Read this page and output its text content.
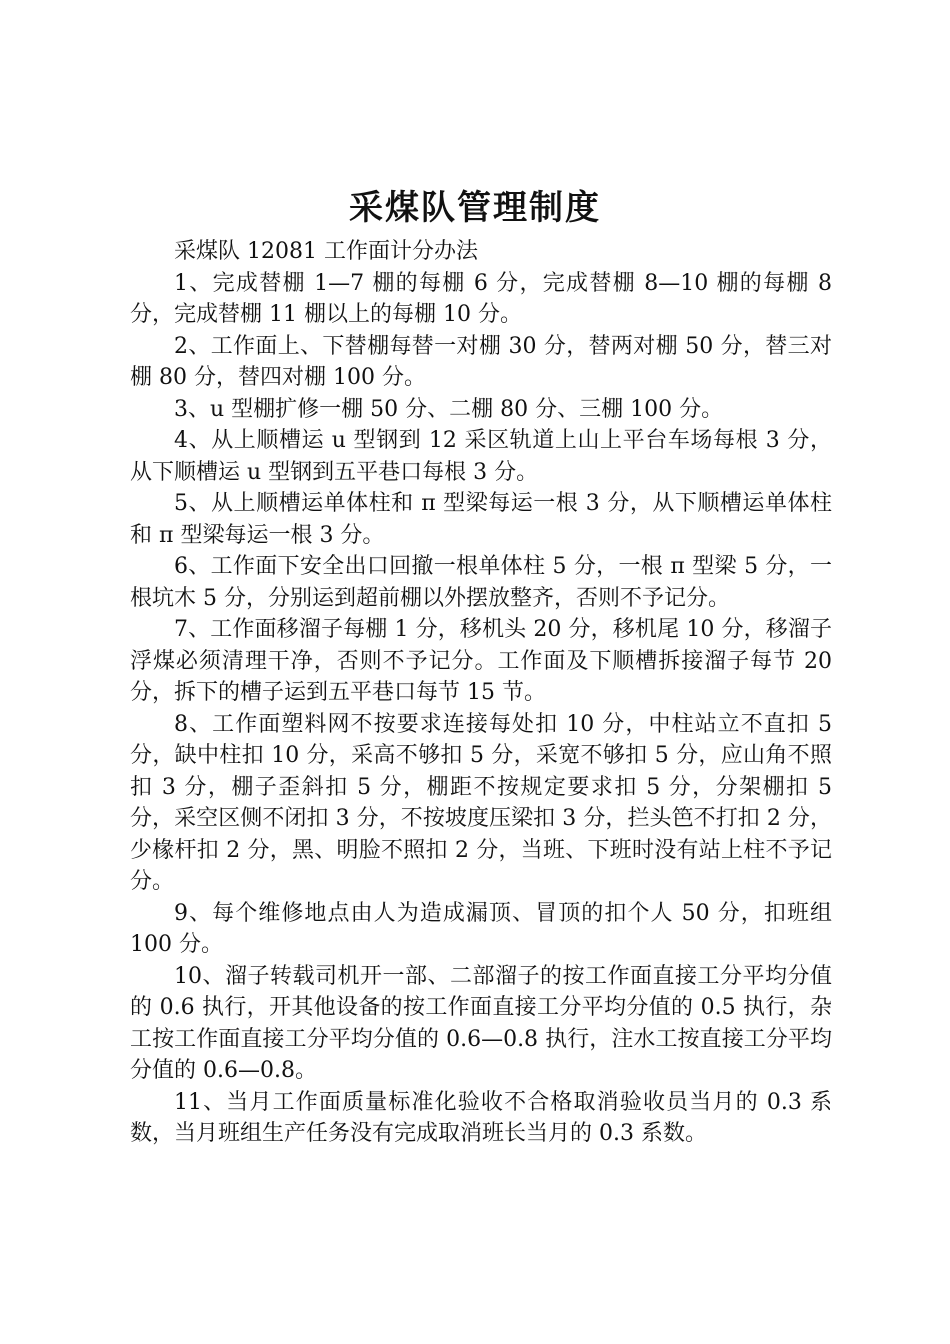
采煤队管理制度

采煤队 12081 工作面计分办法

1、完成替棚 1—7 棚的每棚 6 分，完成替棚 8—10 棚的每棚 8 分，完成替棚 11 棚以上的每棚 10 分。

2、工作面上、下替棚每替一对棚 30 分，替两对棚 50 分，替三对棚 80 分，替四对棚 100 分。

3、u 型棚扩修一棚 50 分、二棚 80 分、三棚 100 分。

4、从上顺槽运 u 型钢到 12 采区轨道上山上平台车场每根 3 分，从下顺槽运 u 型钢到五平巷口每根 3 分。

5、从上顺槽运单体柱和 π 型梁每运一根 3 分，从下顺槽运单体柱和 π 型梁每运一根 3 分。

6、工作面下安全出口回撤一根单体柱 5 分，一根 π 型梁 5 分，一根坑木 5 分，分别运到超前棚以外摆放整齐，否则不予记分。

7、工作面移溜子每棚 1 分，移机头 20 分，移机尾 10 分，移溜子浮煤必须清理干净，否则不予记分。工作面及下顺槽拆接溜子每节 20 分，拆下的槽子运到五平巷口每节 15 节。

8、工作面塑料网不按要求连接每处扣 10 分，中柱站立不直扣 5 分，缺中柱扣 10 分，采高不够扣 5 分，采宽不够扣 5 分，应山角不照扣 3 分，棚子歪斜扣 5 分，棚距不按规定要求扣 5 分，分架棚扣 5 分，采空区侧不闭扣 3 分，不按坡度压梁扣 3 分，拦头笆不打扣 2 分，少椽杆扣 2 分，黑、明脸不照扣 2 分，当班、下班时没有站上柱不予记分。

9、每个维修地点由人为造成漏顶、冒顶的扣个人 50 分，扣班组 100 分。

10、溜子转载司机开一部、二部溜子的按工作面直接工分平均分值的 0.6 执行，开其他设备的按工作面直接工分平均分值的 0.5 执行，杂工按工作面直接工分平均分值的 0.6—0.8 执行，注水工按直接工分平均分值的 0.6—0.8。

11、当月工作面质量标准化验收不合格取消验收员当月的 0.3 系数，当月班组生产任务没有完成取消班长当月的 0.3 系数。
